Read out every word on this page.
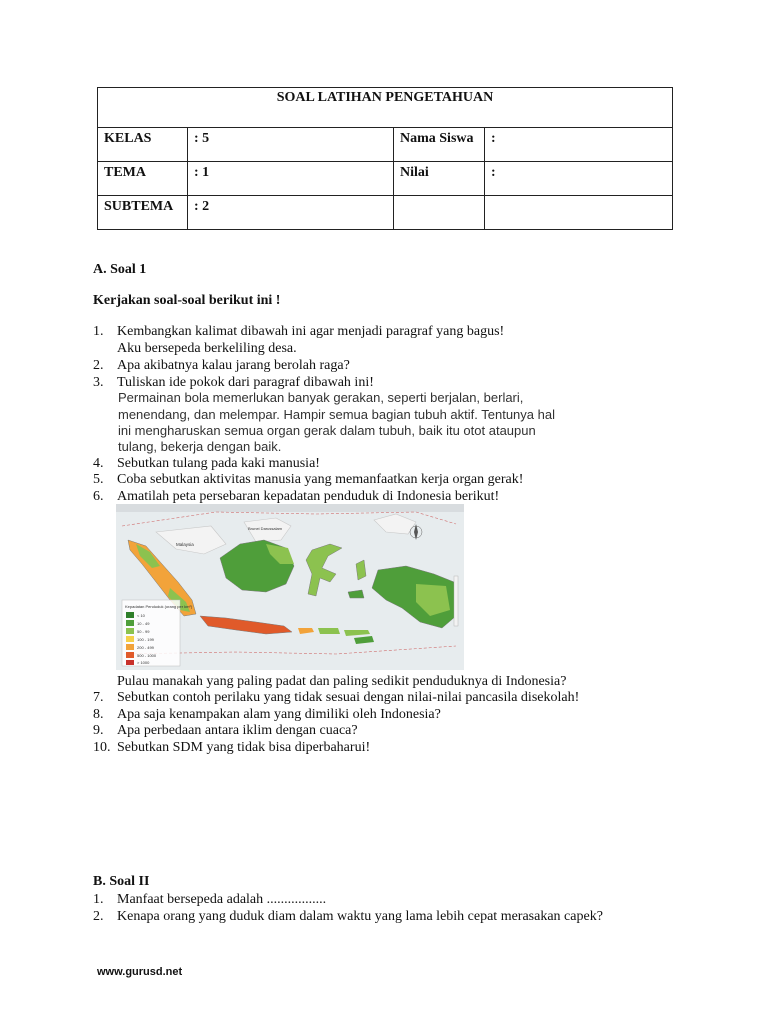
SOAL LATIHAN PENGETAHUAN			
KELAS	: 5	Nama Siswa	:
TEMA	: 1	Nilai	:
SUBTEMA	: 2		
A. Soal 1
Kerjakan soal-soal berikut ini !
1. Kembangkan kalimat dibawah ini agar menjadi paragraf yang bagus!
Aku bersepeda berkeliling desa.
2. Apa akibatnya kalau jarang berolah raga?
3. Tuliskan ide pokok dari paragraf dibawah ini!
Permainan bola memerlukan banyak gerakan, seperti berjalan, berlari,
menendang, dan melempar. Hampir semua bagian tubuh aktif. Tentunya hal
ini mengharuskan semua organ gerak dalam tubuh, baik itu otot ataupun
tulang, bekerja dengan baik.
4. Sebutkan tulang pada kaki manusia!
5. Coba sebutkan aktivitas manusia yang memanfaatkan kerja organ gerak!
6. Amatilah peta persebaran kepadatan penduduk di Indonesia berikut!
Kepadatan Penduduk (orang per km²)
< 10
10 - 49
50 - 99
100 - 199
200 - 499
500 - 1000
> 1000
Malaysia
Brunei Darussalam
Pulau manakah yang paling padat dan paling sedikit penduduknya di Indonesia?
7. Sebutkan contoh perilaku yang tidak sesuai dengan nilai-nilai pancasila disekolah!
8. Apa saja kenampakan alam yang dimiliki oleh Indonesia?
9. Apa perbedaan antara iklim dengan cuaca?
10. Sebutkan SDM yang tidak bisa diperbaharui!
B. Soal II
1. Manfaat bersepeda adalah .................
2. Kenapa orang yang duduk diam dalam waktu yang lama lebih cepat merasakan capek?
www.gurusd.net
